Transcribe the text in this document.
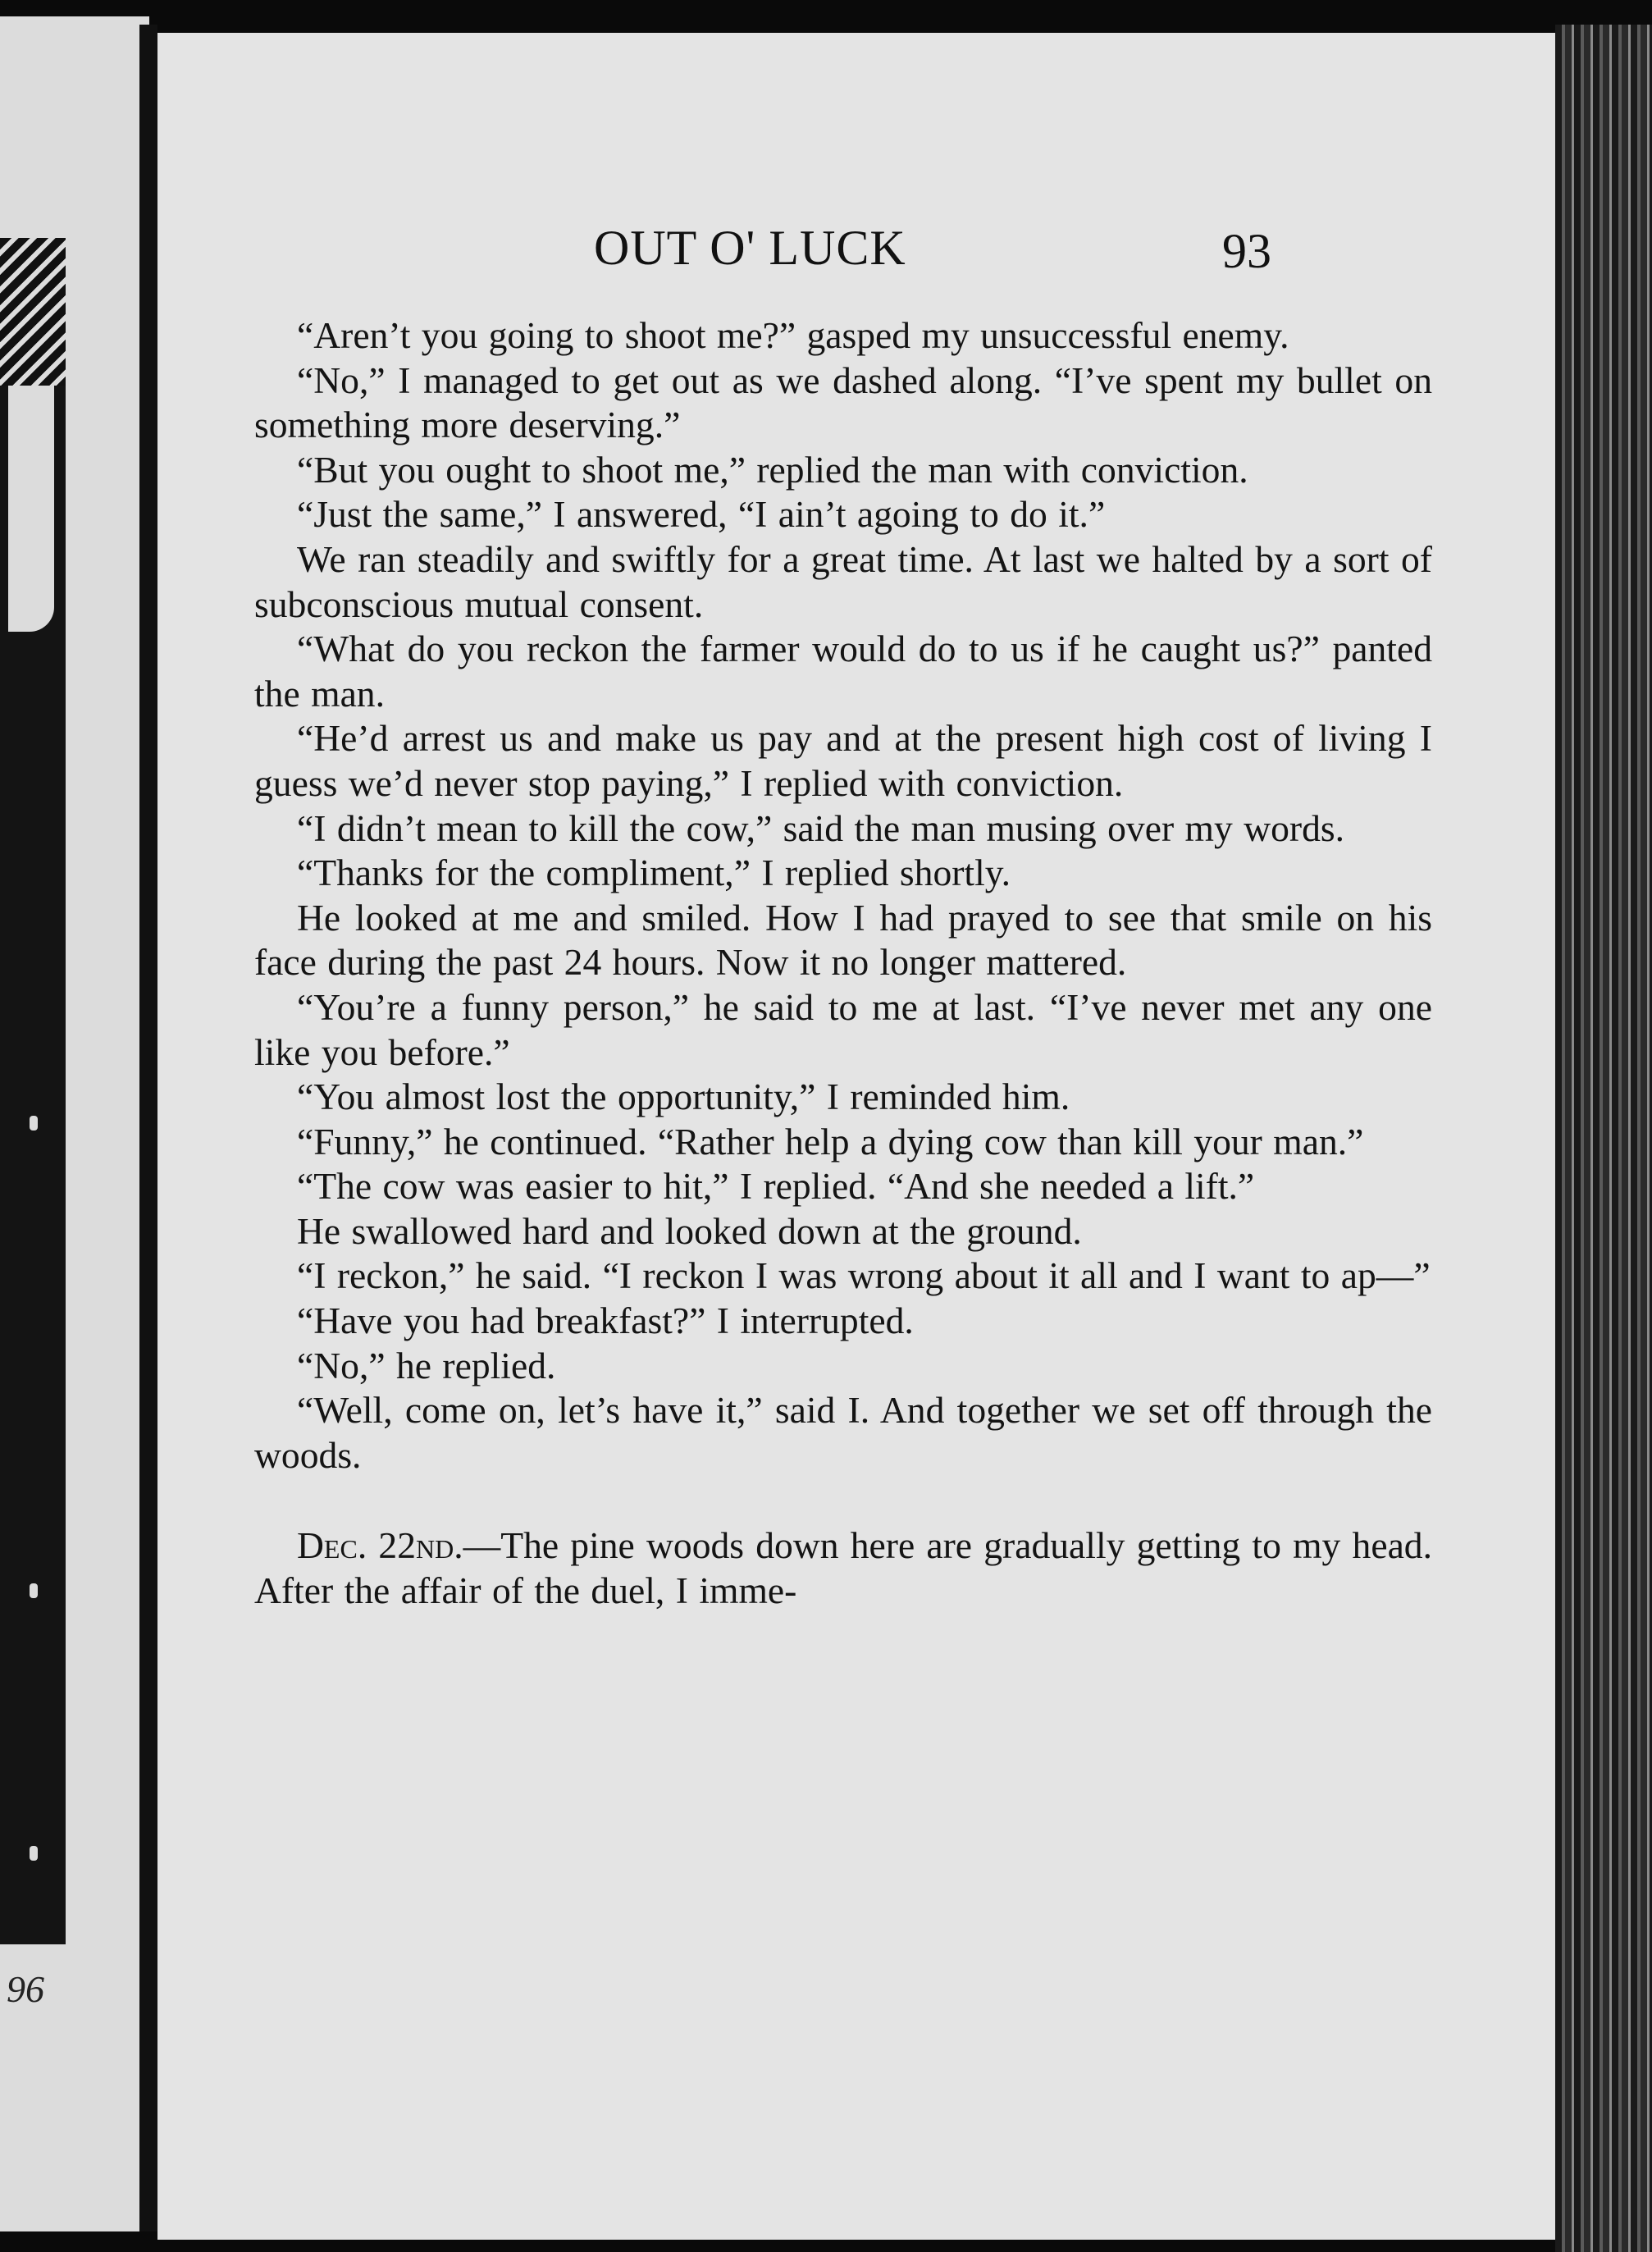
96
OUT O' LUCK	93

“Aren’t you going to shoot me?” gasped my unsuccessful enemy.

“No,” I managed to get out as we dashed along. “I’ve spent my bullet on something more deserving.”

“But you ought to shoot me,” replied the man with conviction.

“Just the same,” I answered, “I ain’t agoing to do it.”

We ran steadily and swiftly for a great time. At last we halted by a sort of subconscious mutual consent.

“What do you reckon the farmer would do to us if he caught us?” panted the man.

“He’d arrest us and make us pay and at the present high cost of living I guess we’d never stop paying,” I replied with conviction.

“I didn’t mean to kill the cow,” said the man musing over my words.

“Thanks for the compliment,” I replied shortly.

He looked at me and smiled. How I had prayed to see that smile on his face during the past 24 hours. Now it no longer mattered.

“You’re a funny person,” he said to me at last. “I’ve never met any one like you before.”

“You almost lost the opportunity,” I reminded him.

“Funny,” he continued. “Rather help a dying cow than kill your man.”

“The cow was easier to hit,” I replied. “And she needed a lift.”

He swallowed hard and looked down at the ground.

“I reckon,” he said. “I reckon I was wrong about it all and I want to ap—”

“Have you had breakfast?” I interrupted.

“No,” he replied.

“Well, come on, let’s have it,” said I. And together we set off through the woods.

Dec. 22nd.—The pine woods down here are gradually getting to my head. After the affair of the duel, I imme-
